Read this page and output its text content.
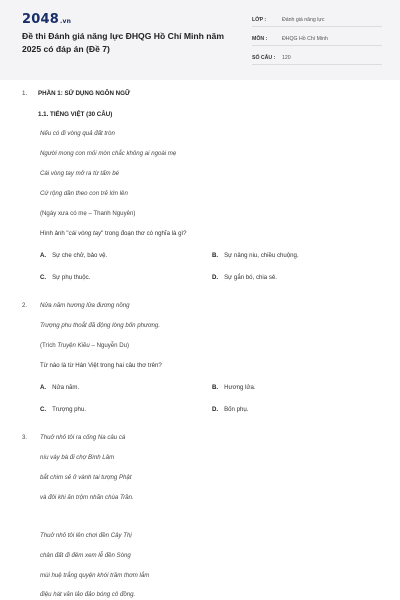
2048.vn
Đề thi Đánh giá năng lực ĐHQG Hồ Chí Minh năm 2025 có đáp án (Đề 7)
LỚP :	Đánh giá năng lực
MÔN :	ĐHQG Hồ Chí Minh
SỐ CÂU :	120
1. PHẦN 1: SỬ DỤNG NGÔN NGỮ
1.1. TIẾNG VIỆT (30 CÂU)
Nếu có đi vòng quả đất tròn
Người mong con mỏi mòn chắc không ai ngoài mẹ
Cái vòng tay mở ra từ tấm bé
Cứ rộng dần theo con trẻ lớn lên
(Ngày xưa có mẹ – Thanh Nguyên)
Hình ảnh "cái vòng tay" trong đoạn thơ có nghĩa là gì?
A. Sự che chở, bảo vệ.	B. Sự nâng niu, chiều chuộng.
C. Sự phụ thuộc.	D. Sự gắn bó, chia sẻ.
2. Nửa năm hương lửa đương nồng
Trượng phu thoắt đã động lòng bốn phương.
(Trích Truyện Kiều – Nguyễn Du)
Từ nào là từ Hán Việt trong hai câu thơ trên?
A. Nửa năm.	B. Hương lửa.
C. Trượng phu.	D. Bốn phụ.
3. Thuở nhỏ tôi ra cống Na câu cá
níu váy bà đi chợ Bình Lâm
bắt chim sẻ ở vành tai tượng Phật
và đôi khi ăn trộm nhãn chùa Trần.
Thuở nhỏ tôi lên chơi đền Cây Thị
chân đất đi đêm xem lễ đền Sòng
mùi huệ trắng quyện khói trầm thơm lắm
điệu hát văn lảo đảo bóng cô đồng.
